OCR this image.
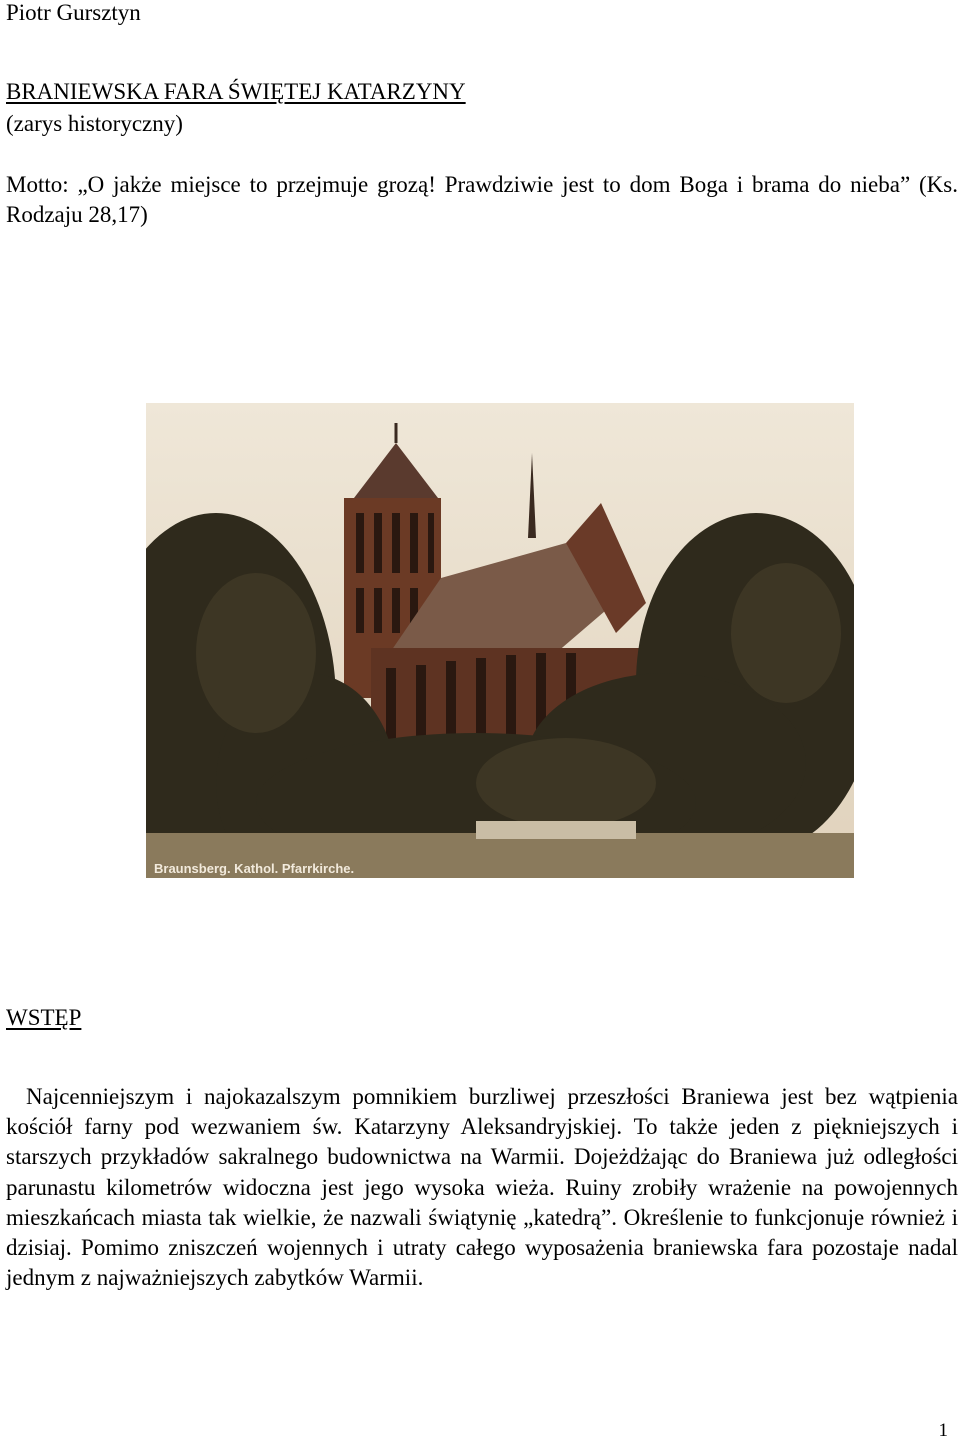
Piotr Gursztyn
BRANIEWSKA FARA ŚWIĘTEJ KATARZYNY
(zarys historyczny)
Motto: „O jakże miejsce to przejmuje grozą! Prawdziwie jest to dom Boga i brama do nieba” (Ks. Rodzaju 28,17)
Braunsberg. Kathol. Pfarrkirche.
WSTĘP
Najcenniejszym i najokazalszym pomnikiem burzliwej przeszłości Braniewa jest bez wątpienia kościół farny pod wezwaniem św. Katarzyny Aleksandryjskiej. To także jeden z piękniejszych i starszych przykładów sakralnego budownictwa na Warmii. Dojeżdżając do Braniewa już odległości parunastu kilometrów widoczna jest jego wysoka wieża. Ruiny zrobiły wrażenie na powojennych mieszkańcach miasta tak wielkie, że nazwali świątynię „katedrą”. Określenie to funkcjonuje również i dzisiaj. Pomimo zniszczeń wojennych i utraty całego wyposażenia braniewska fara pozostaje nadal jednym z najważniejszych zabytków Warmii.
1
